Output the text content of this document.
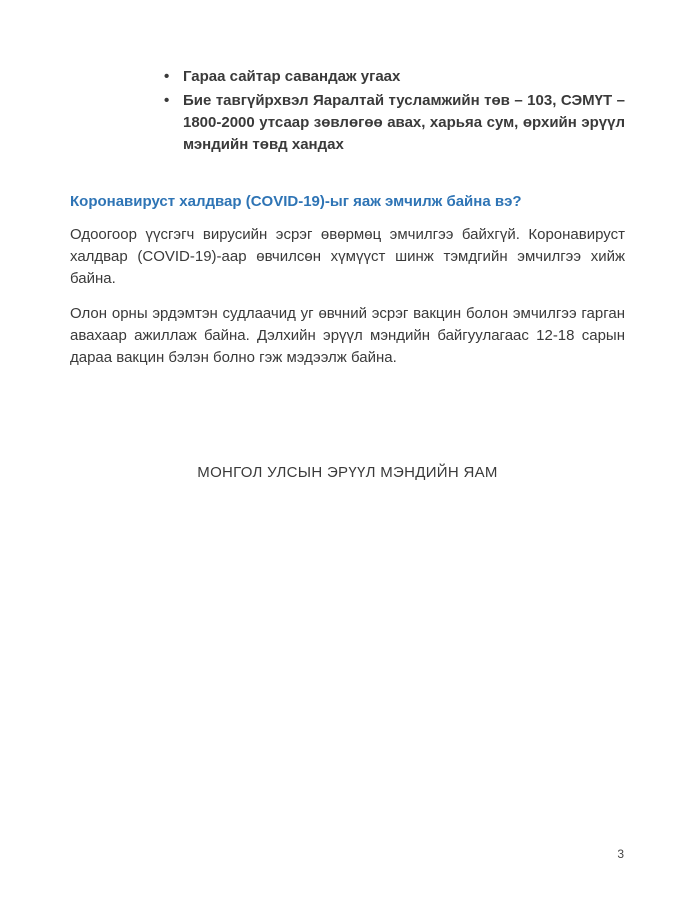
• Гараа сайтар савандаж угаах
• Бие тавгүйрхвэл Яаралтай тусламжийн төв – 103, СЭМҮТ – 1800-2000 утсаар зөвлөгөө авах, харьяа сум, өрхийн эрүүл мэндийн төвд хандах
Коронавируст халдвар (COVID-19)-ыг яаж эмчилж байна вэ?

Одоогоор үүсгэгч вирусийн эсрэг өвөрмөц эмчилгээ байхгүй. Коронавируст халдвар (COVID-19)-аар өвчилсөн хүмүүст шинж тэмдгийн эмчилгээ хийж байна.

Олон орны эрдэмтэн судлаачид уг өвчний эсрэг вакцин болон эмчилгээ гарган авахаар ажиллаж байна. Дэлхийн эрүүл мэндийн байгуулагаас 12-18 сарын дараа вакцин бэлэн болно гэж мэдээлж байна.

МОНГОЛ УЛСЫН ЭРҮҮЛ МЭНДИЙН ЯАМ
3
